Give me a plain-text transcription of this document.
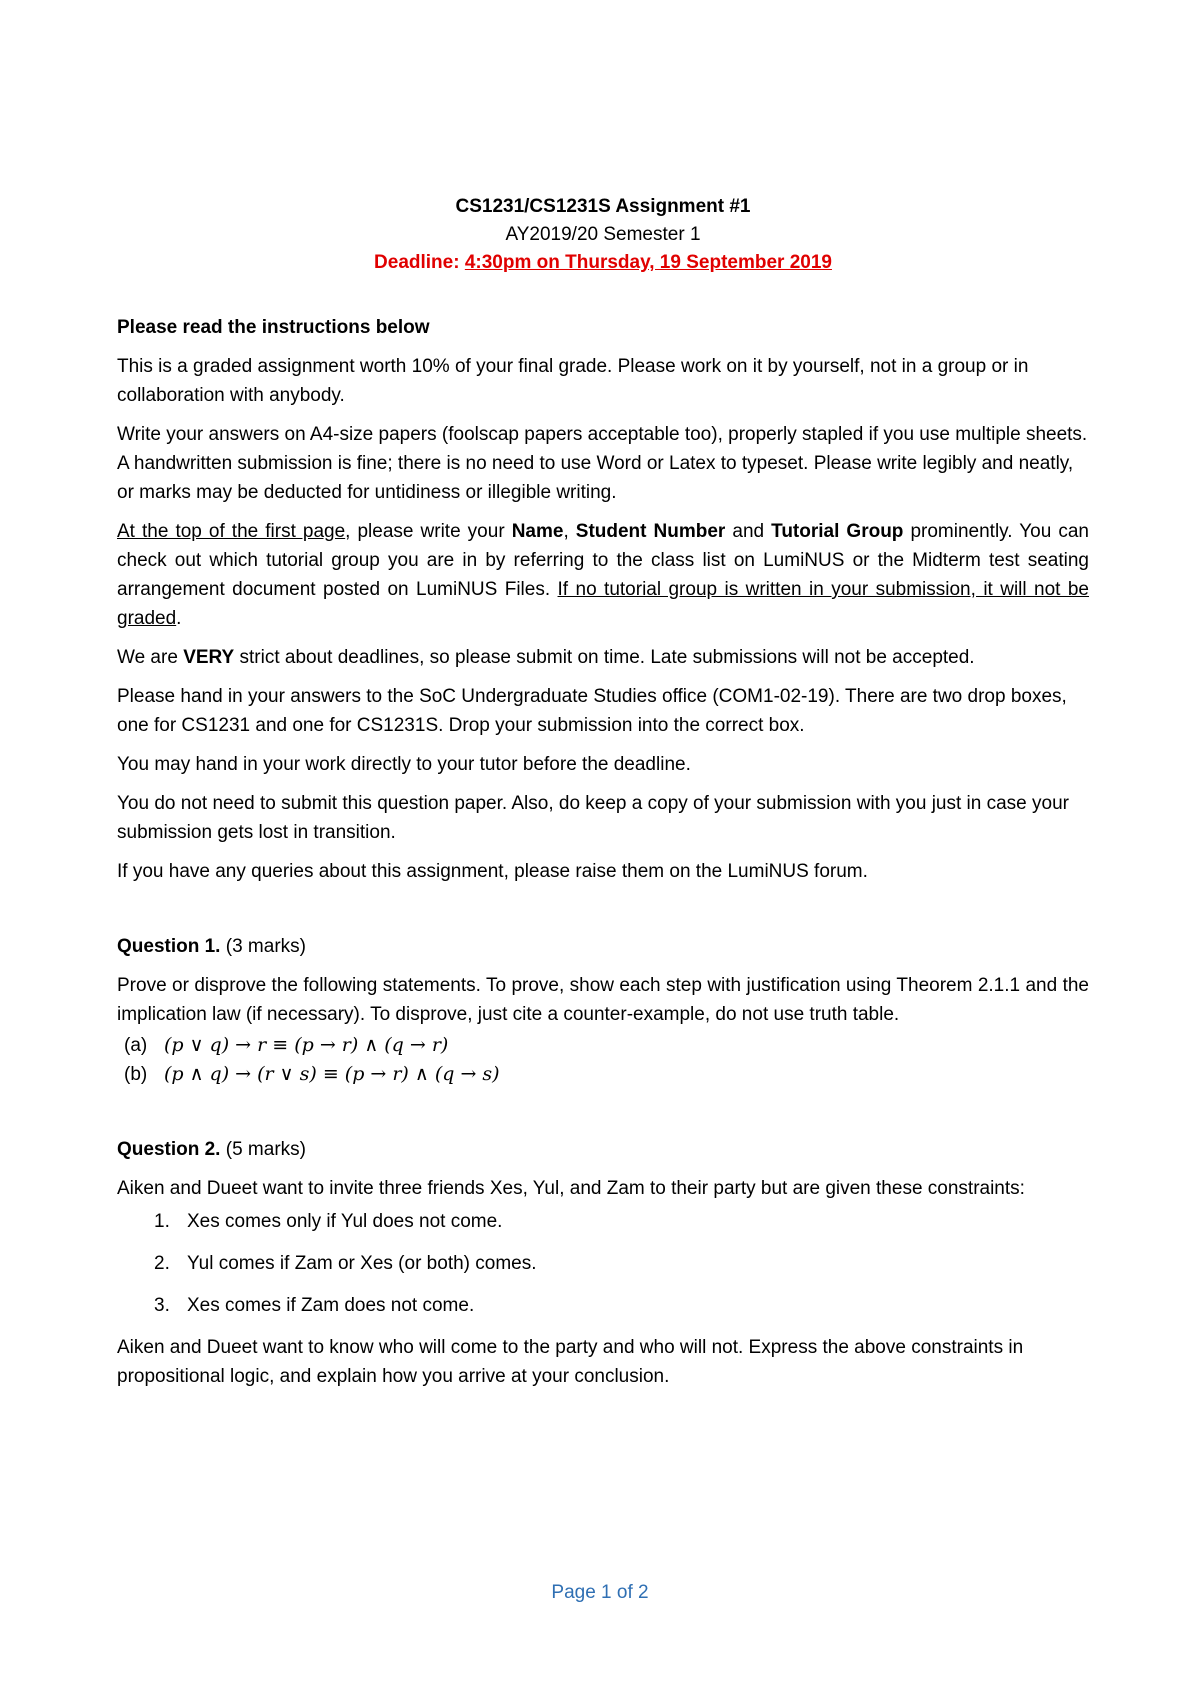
CS1231/CS1231S Assignment #1
AY2019/20 Semester 1
Deadline: 4:30pm on Thursday, 19 September 2019

Please read the instructions below

This is a graded assignment worth 10% of your final grade. Please work on it by yourself, not in a group or in collaboration with anybody.

Write your answers on A4-size papers (foolscap papers acceptable too), properly stapled if you use multiple sheets. A handwritten submission is fine; there is no need to use Word or Latex to typeset. Please write legibly and neatly, or marks may be deducted for untidiness or illegible writing.

At the top of the first page, please write your Name, Student Number and Tutorial Group prominently. You can check out which tutorial group you are in by referring to the class list on LumiNUS or the Midterm test seating arrangement document posted on LumiNUS Files. If no tutorial group is written in your submission, it will not be graded.

We are VERY strict about deadlines, so please submit on time. Late submissions will not be accepted.

Please hand in your answers to the SoC Undergraduate Studies office (COM1-02-19). There are two drop boxes, one for CS1231 and one for CS1231S. Drop your submission into the correct box.

You may hand in your work directly to your tutor before the deadline.

You do not need to submit this question paper. Also, do keep a copy of your submission with you just in case your submission gets lost in transition.

If you have any queries about this assignment, please raise them on the LumiNUS forum.

Question 1. (3 marks)

Prove or disprove the following statements. To prove, show each step with justification using Theorem 2.1.1 and the implication law (if necessary). To disprove, just cite a counter-example, do not use truth table.

(a) (p ∨ q) → r ≡ (p → r) ∧ (q → r)
(b) (p ∧ q) → (r ∨ s) ≡ (p → r) ∧ (q → s)

Question 2. (5 marks)

Aiken and Dueet want to invite three friends Xes, Yul, and Zam to their party but are given these constraints:

1. Xes comes only if Yul does not come.
2. Yul comes if Zam or Xes (or both) comes.
3. Xes comes if Zam does not come.

Aiken and Dueet want to know who will come to the party and who will not. Express the above constraints in propositional logic, and explain how you arrive at your conclusion.

Page 1 of 2
